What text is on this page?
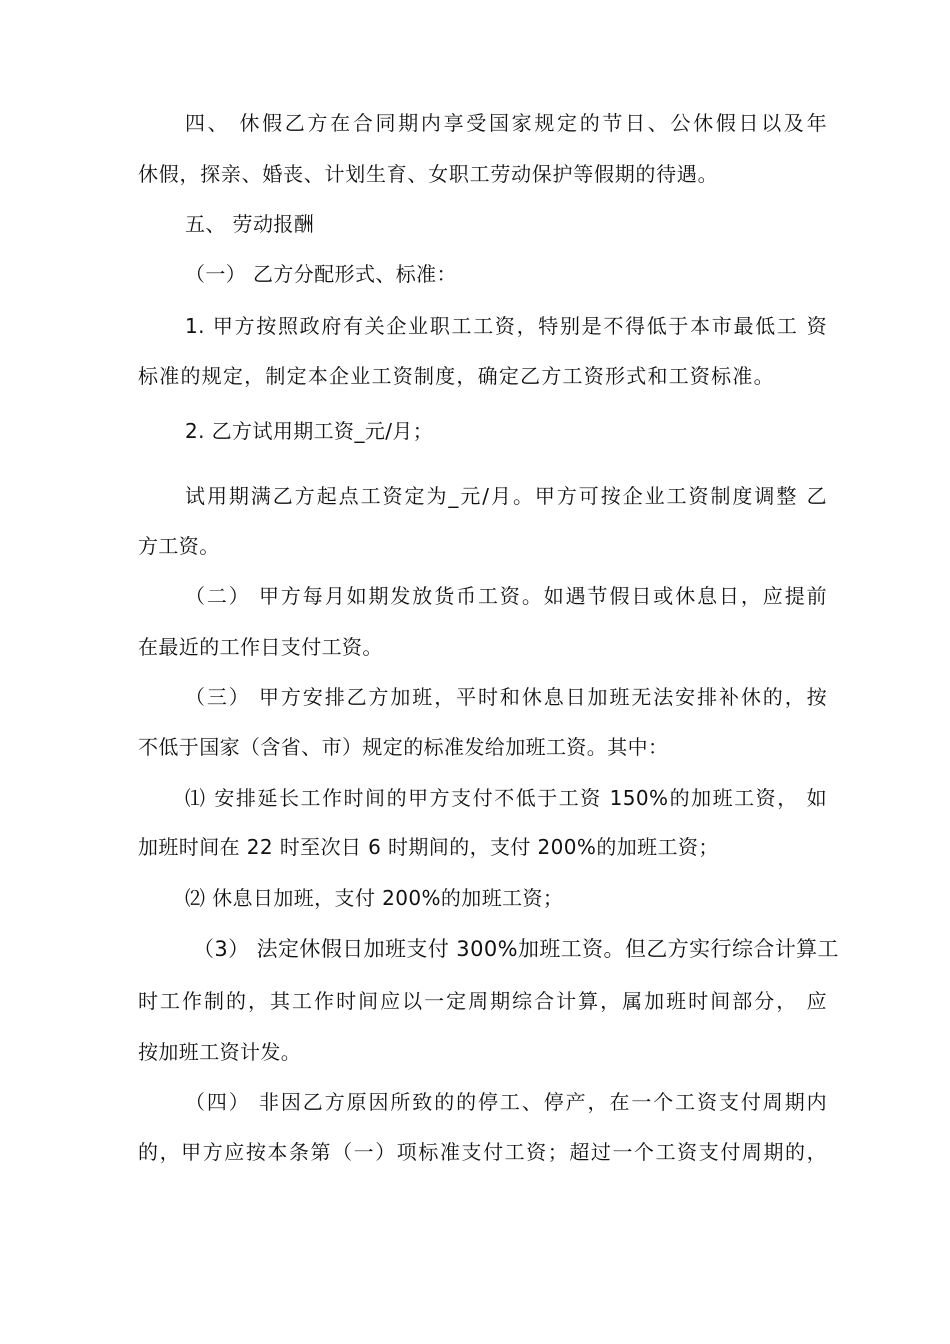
四、 休假乙方在合同期内享受国家规定的节日、公休假日以及年
休假，探亲、婚丧、计划生育、女职工劳动保护等假期的待遇。
五、 劳动报酬
（一） 乙方分配形式、标准：
1. 甲方按照政府有关企业职工工资，特别是不得低于本市最低工 资
标准的规定，制定本企业工资制度，确定乙方工资形式和工资标准。
2. 乙方试用期工资_元/月；
试用期满乙方起点工资定为_元/月。甲方可按企业工资制度调整 乙
方工资。
（二） 甲方每月如期发放货币工资。如遇节假日或休息日，应提前
在最近的工作日支付工资。
（三） 甲方安排乙方加班，平时和休息日加班无法安排补休的，按
不低于国家（含省、市）规定的标准发给加班工资。其中：
⑴ 安排延长工作时间的甲方支付不低于工资 150%的加班工资， 如
加班时间在 22 时至次日 6 时期间的，支付 200%的加班工资；
⑵ 休息日加班，支付 200%的加班工资；
（3） 法定休假日加班支付 300%加班工资。但乙方实行综合计算工
时工作制的，其工作时间应以一定周期综合计算，属加班时间部分， 应
按加班工资计发。
（四） 非因乙方原因所致的的停工、停产，在一个工资支付周期内
的，甲方应按本条第（一）项标准支付工资；超过一个工资支付周期的，
